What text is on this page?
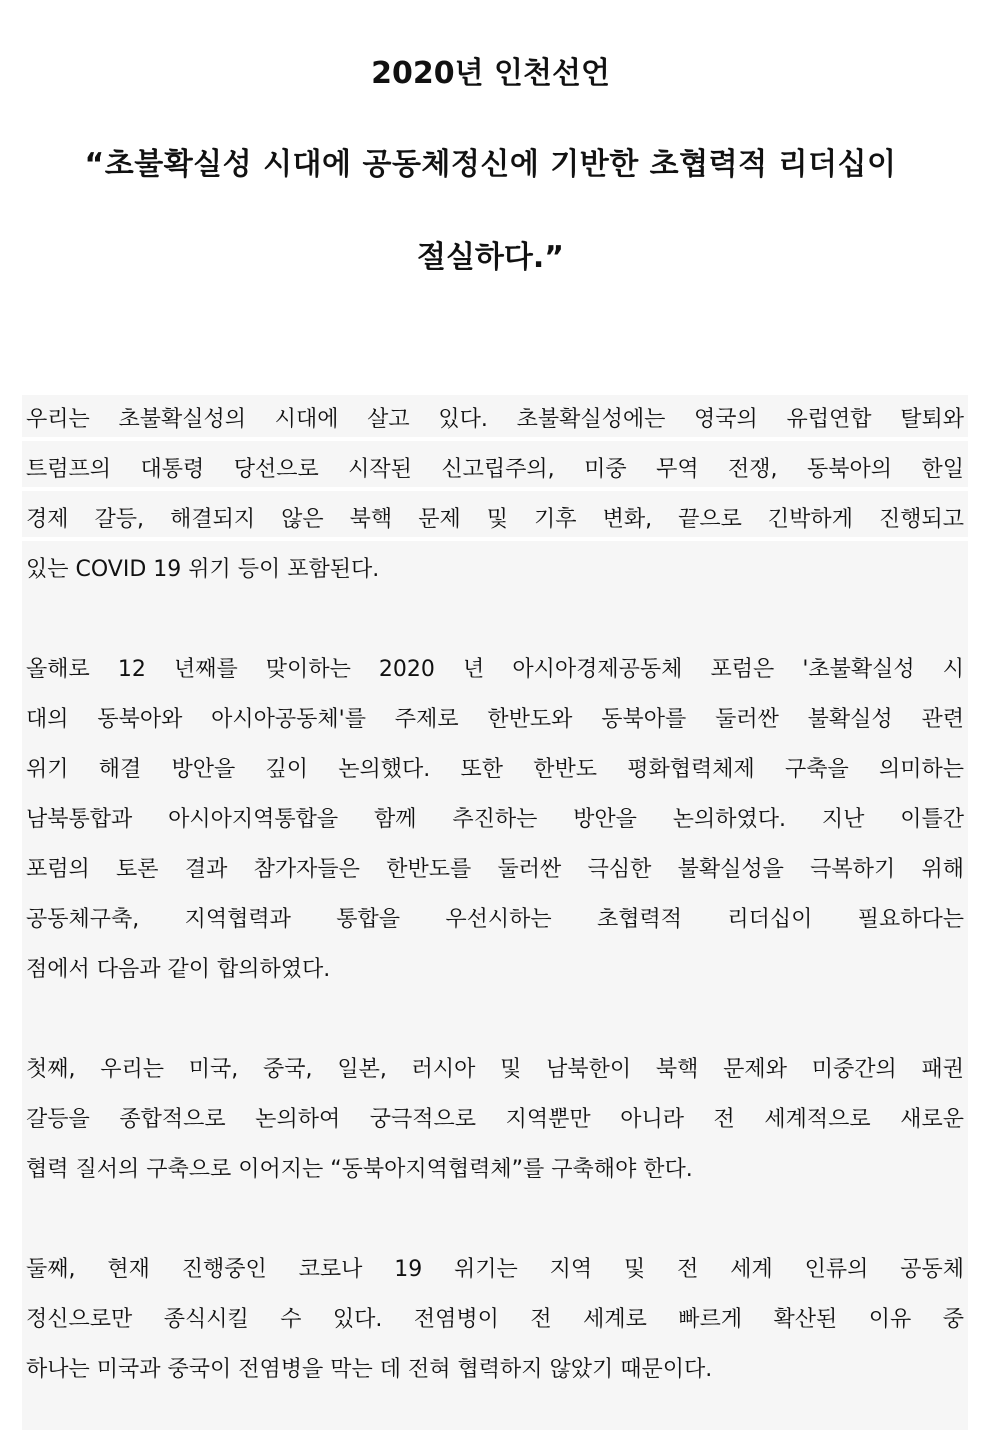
2020년 인천선언
“초불확실성 시대에 공동체정신에 기반한 초협력적 리더십이
절실하다.”
우리는 초불확실성의 시대에 살고 있다. 초불확실성에는 영국의 유럽연합 탈퇴와
트럼프의 대통령 당선으로 시작된 신고립주의, 미중 무역 전쟁, 동북아의 한일
경제 갈등, 해결되지 않은 북핵 문제 및 기후 변화, 끝으로 긴박하게 진행되고
있는 COVID 19 위기 등이 포함된다.
올해로 12 년째를 맞이하는 2020 년 아시아경제공동체 포럼은 '초불확실성 시
대의 동북아와 아시아공동체'를 주제로 한반도와 동북아를 둘러싼 불확실성 관련
위기 해결 방안을 깊이 논의했다. 또한 한반도 평화협력체제 구축을 의미하는
남북통합과 아시아지역통합을 함께 추진하는 방안을 논의하였다. 지난 이틀간
포럼의 토론 결과 참가자들은 한반도를 둘러싼 극심한 불확실성을 극복하기 위해
공동체구축, 지역협력과 통합을 우선시하는 초협력적 리더십이 필요하다는
점에서 다음과 같이 합의하였다.
첫째, 우리는 미국, 중국, 일본, 러시아 및 남북한이 북핵 문제와 미중간의 패권
갈등을 종합적으로 논의하여 궁극적으로 지역뿐만 아니라 전 세계적으로 새로운
협력 질서의 구축으로 이어지는 “동북아지역협력체”를 구축해야 한다.
둘째, 현재 진행중인 코로나 19 위기는 지역 및 전 세계 인류의 공동체
정신으로만 종식시킬 수 있다. 전염병이 전 세계로 빠르게 확산된 이유 중
하나는 미국과 중국이 전염병을 막는 데 전혀 협력하지 않았기 때문이다.
